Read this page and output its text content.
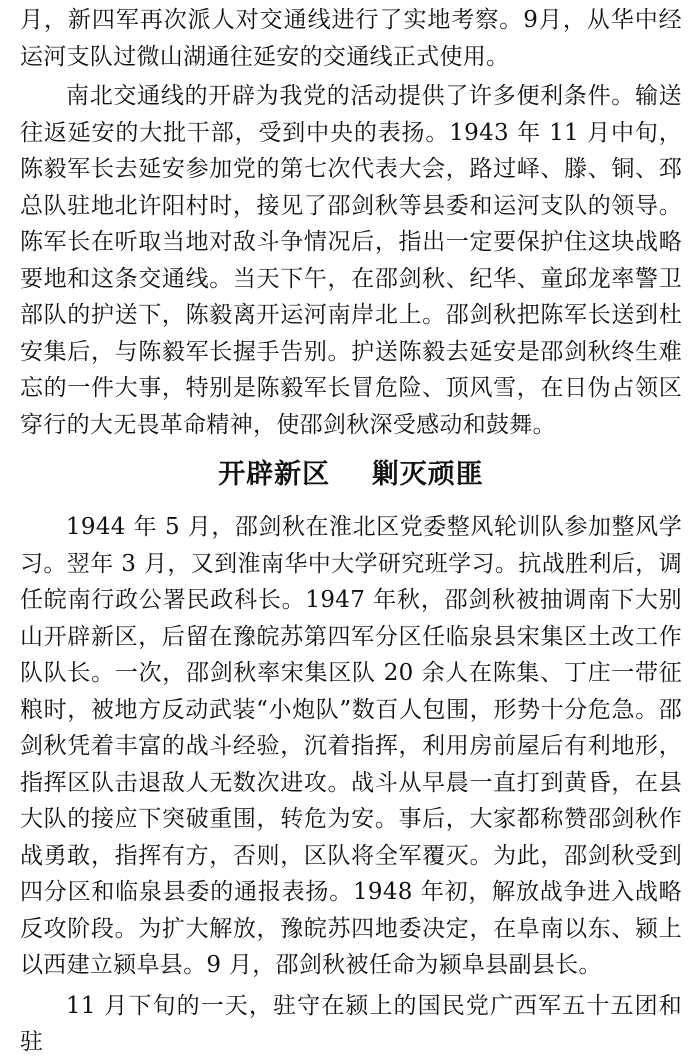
月，新四军再次派人对交通线进行了实地考察。9月，从华中经运河支队过微山湖通往延安的交通线正式使用。

南北交通线的开辟为我党的活动提供了许多便利条件。输送往返延安的大批干部，受到中央的表扬。1943 年 11 月中旬，陈毅军长去延安参加党的第七次代表大会，路过峄、滕、铜、邳总队驻地北许阳村时，接见了邵剑秋等县委和运河支队的领导。陈军长在听取当地对敌斗争情况后，指出一定要保护住这块战略要地和这条交通线。当天下午，在邵剑秋、纪华、童邱龙率警卫部队的护送下，陈毅离开运河南岸北上。邵剑秋把陈军长送到杜安集后，与陈毅军长握手告别。护送陈毅去延安是邵剑秋终生难忘的一件大事，特别是陈毅军长冒危险、顶风雪，在日伪占领区穿行的大无畏革命精神，使邵剑秋深受感动和鼓舞。

开辟新区    剿灭顽匪

1944 年 5 月，邵剑秋在淮北区党委整风轮训队参加整风学习。翌年 3 月，又到淮南华中大学研究班学习。抗战胜利后，调任皖南行政公署民政科长。1947 年秋，邵剑秋被抽调南下大别山开辟新区，后留在豫皖苏第四军分区任临泉县宋集区土改工作队队长。一次，邵剑秋率宋集区队 20 余人在陈集、丁庄一带征粮时，被地方反动武装“小炮队”数百人包围，形势十分危急。邵剑秋凭着丰富的战斗经验，沉着指挥，利用房前屋后有利地形，指挥区队击退敌人无数次进攻。战斗从早晨一直打到黄昏，在县大队的接应下突破重围，转危为安。事后，大家都称赞邵剑秋作战勇敢，指挥有方，否则，区队将全军覆灭。为此，邵剑秋受到四分区和临泉县委的通报表扬。1948 年初，解放战争进入战略反攻阶段。为扩大解放，豫皖苏四地委决定，在阜南以东、颍上以西建立颍阜县。9 月，邵剑秋被任命为颍阜县副县长。

11 月下旬的一天，驻守在颍上的国民党广西军五十五团和驻
